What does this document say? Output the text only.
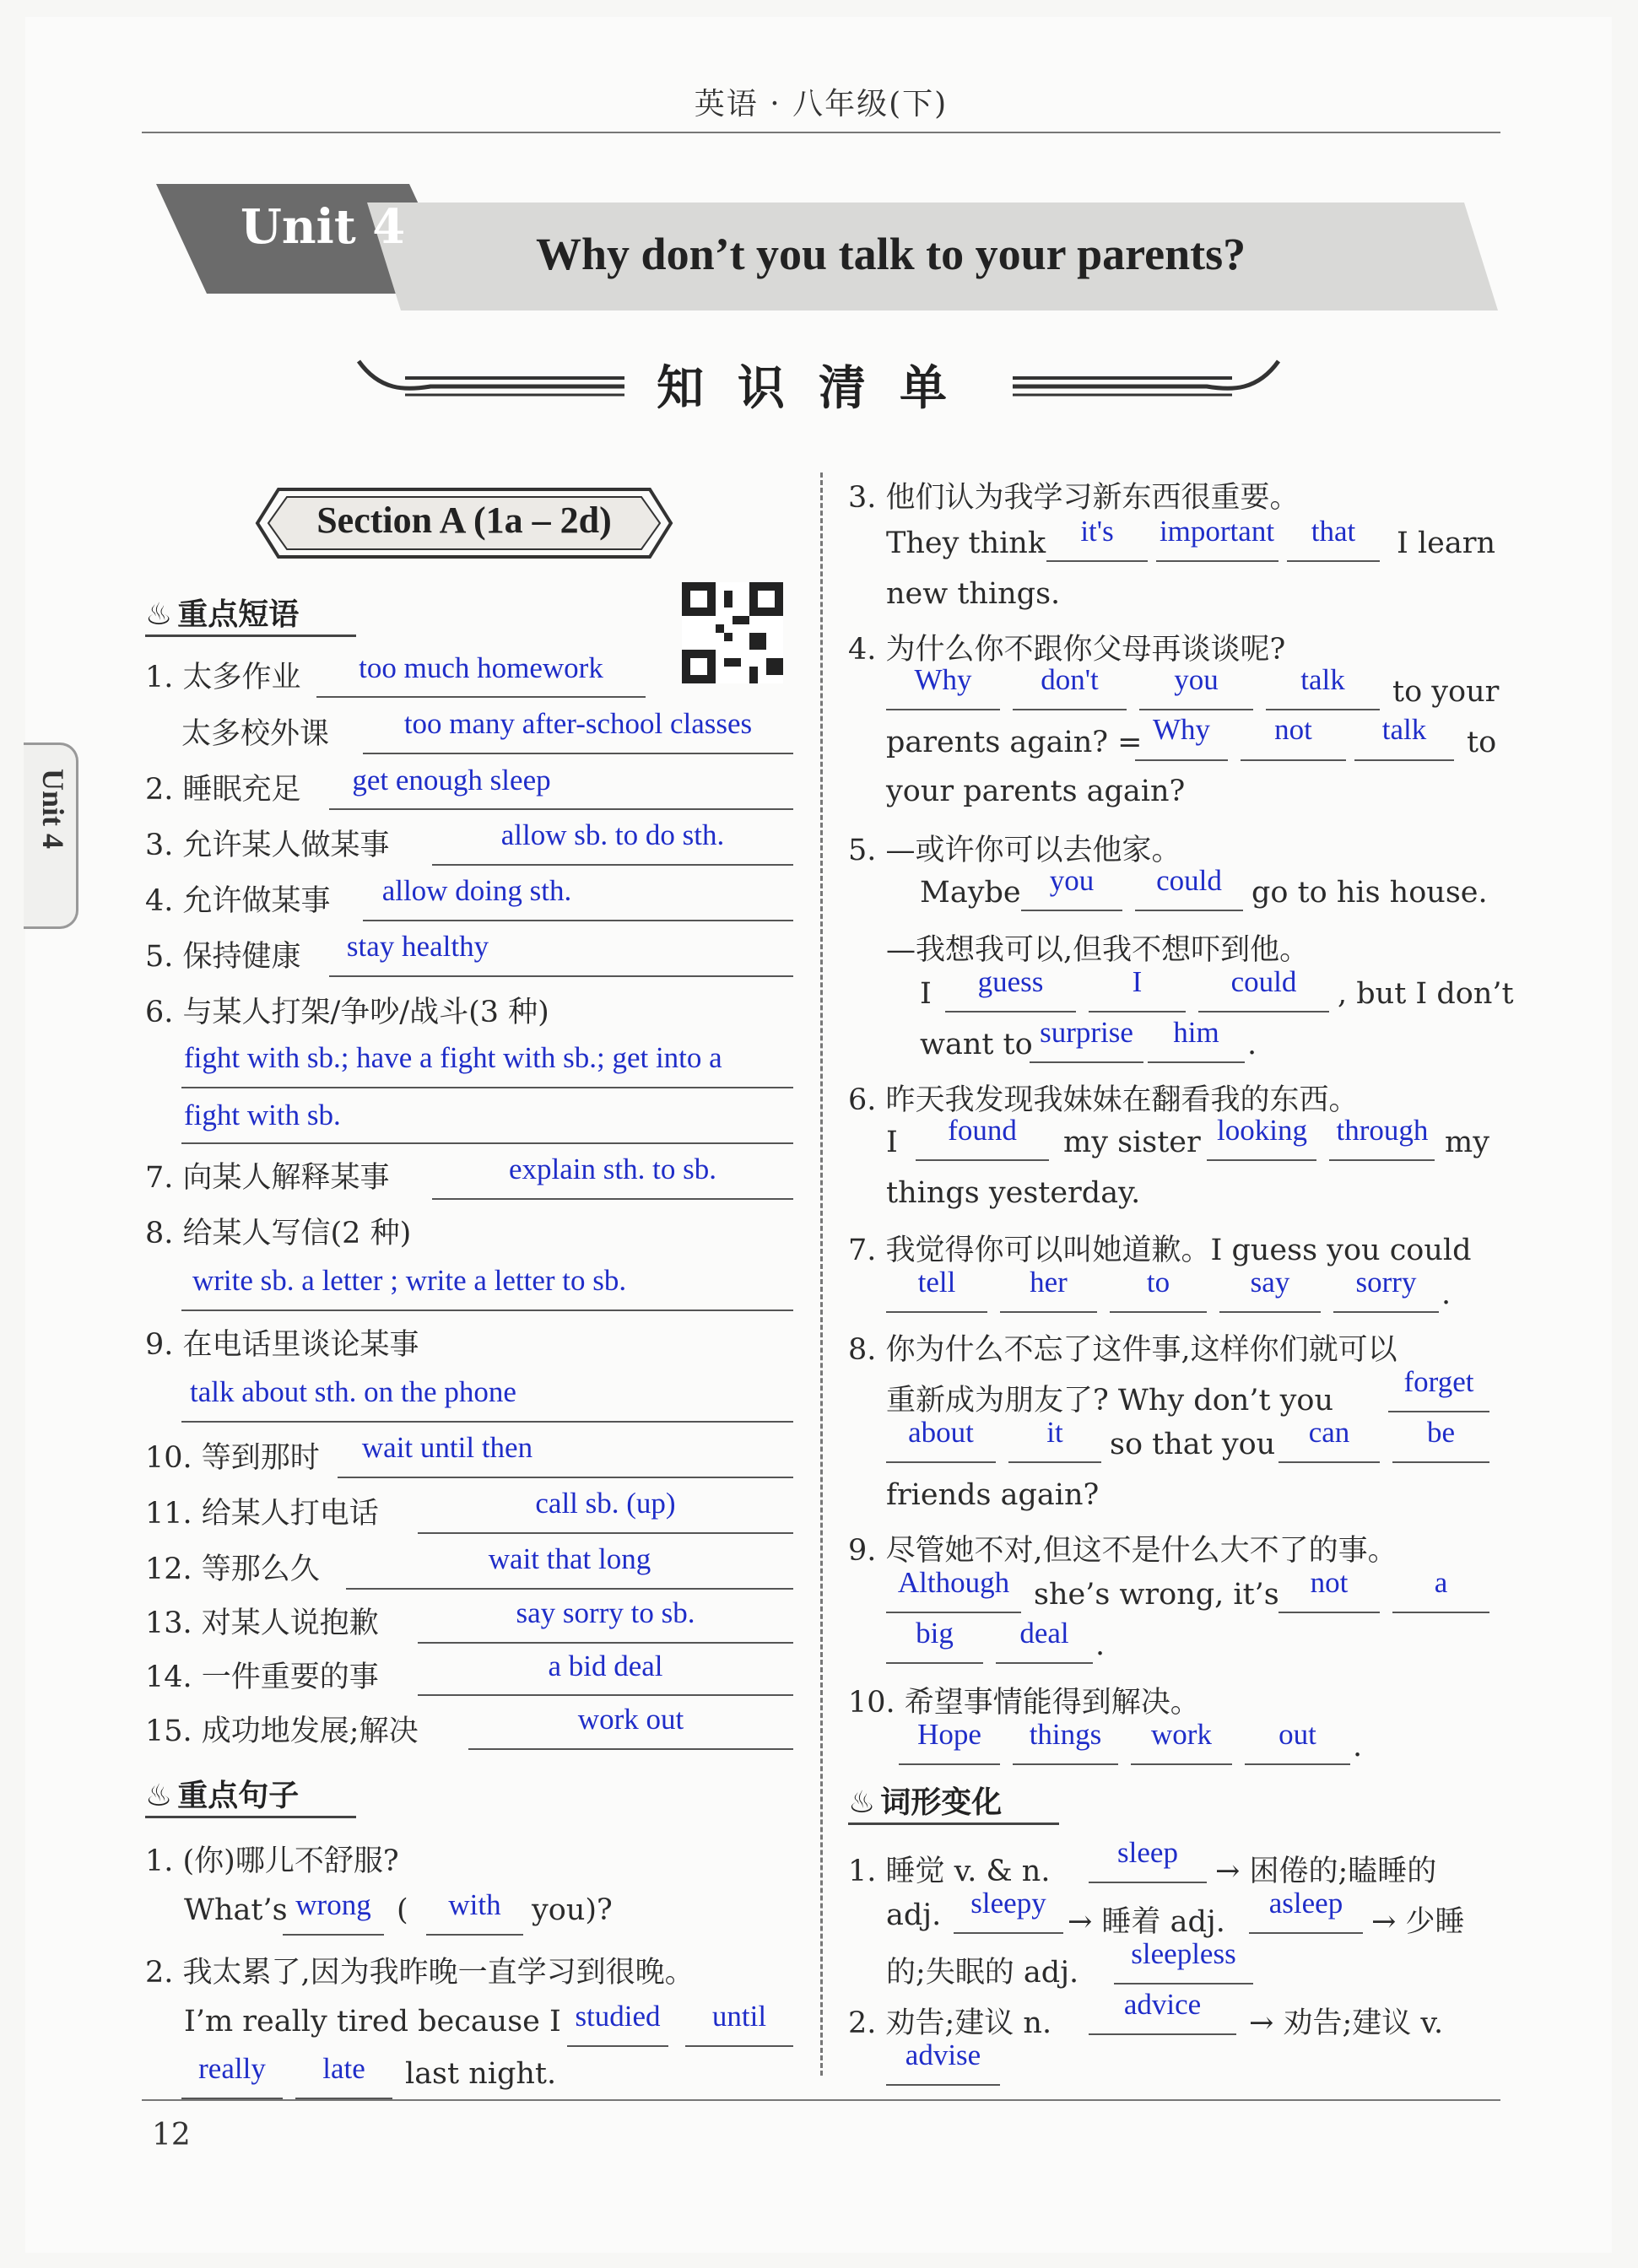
英语 · 八年级(下)
Unit 4	Why don’t you talk to your parents?
知识清单
Unit 4
Section A (1a – 2d)
♨ 重点短语
1. 太多作业	too much homework
太多校外课	too many after-school classes
2. 睡眠充足	get enough sleep
3. 允许某人做某事	allow sb. to do sth.
4. 允许做某事	allow doing sth.
5. 保持健康	stay healthy
6. 与某人打架/争吵/战斗(3 种)
fight with sb.; have a fight with sb.; get into a
fight with sb.
7. 向某人解释某事	explain sth. to sb.
8. 给某人写信(2 种)
write sb. a letter ; write a letter to sb.
9. 在电话里谈论某事
talk about sth. on the phone
10. 等到那时	wait until then
11. 给某人打电话	call sb. (up)
12. 等那么久	wait that long
13. 对某人说抱歉	say sorry to sb.
14. 一件重要的事	a bid deal
15. 成功地发展;解决	work out
♨ 重点句子
1. (你)哪儿不舒服?
What’s wrong (	with	you)?
2. 我太累了,因为我昨晚一直学习到很晚。
I’m really tired because I studied	until
really	late	last night.
3. 他们认为我学习新东西很重要。
They think	it's	important	that	I learn
new things.
4. 为什么你不跟你父母再谈谈呢?
Why	don't	you	talk	to your
parents again? = Why	not	talk	to
your parents again?
5. —或许你可以去他家。
Maybe you	could	go to his house.
—我想我可以,但我不想吓到他。
I	guess	I	could	, but I don’t
want to surprise	him .
6. 昨天我发现我妹妹在翻看我的东西。
I	found	my sister looking through my
things yesterday.
7. 我觉得你可以叫她道歉。I guess you could
tell	her	to	say	sorry .
8. 你为什么不忘了这件事,这样你们就可以
重新成为朋友了? Why don’t you
forget
about	it	so that you	can	be
friends again?
9. 尽管她不对,但这不是什么大不了的事。
Although she’s wrong, it’s	not	a
big	deal .
10. 希望事情能得到解决。
Hope	things	work	out	.
♨ 词形变化
1. 睡觉 v. & n.
sleep
→ 困倦的;瞌睡的
adj.	sleepy
→ 睡着 adj.
asleep
→ 少睡
的;失眠的 adj.
sleepless
2. 劝告;建议 n.
advice
→ 劝告;建议 v.
advise
12
